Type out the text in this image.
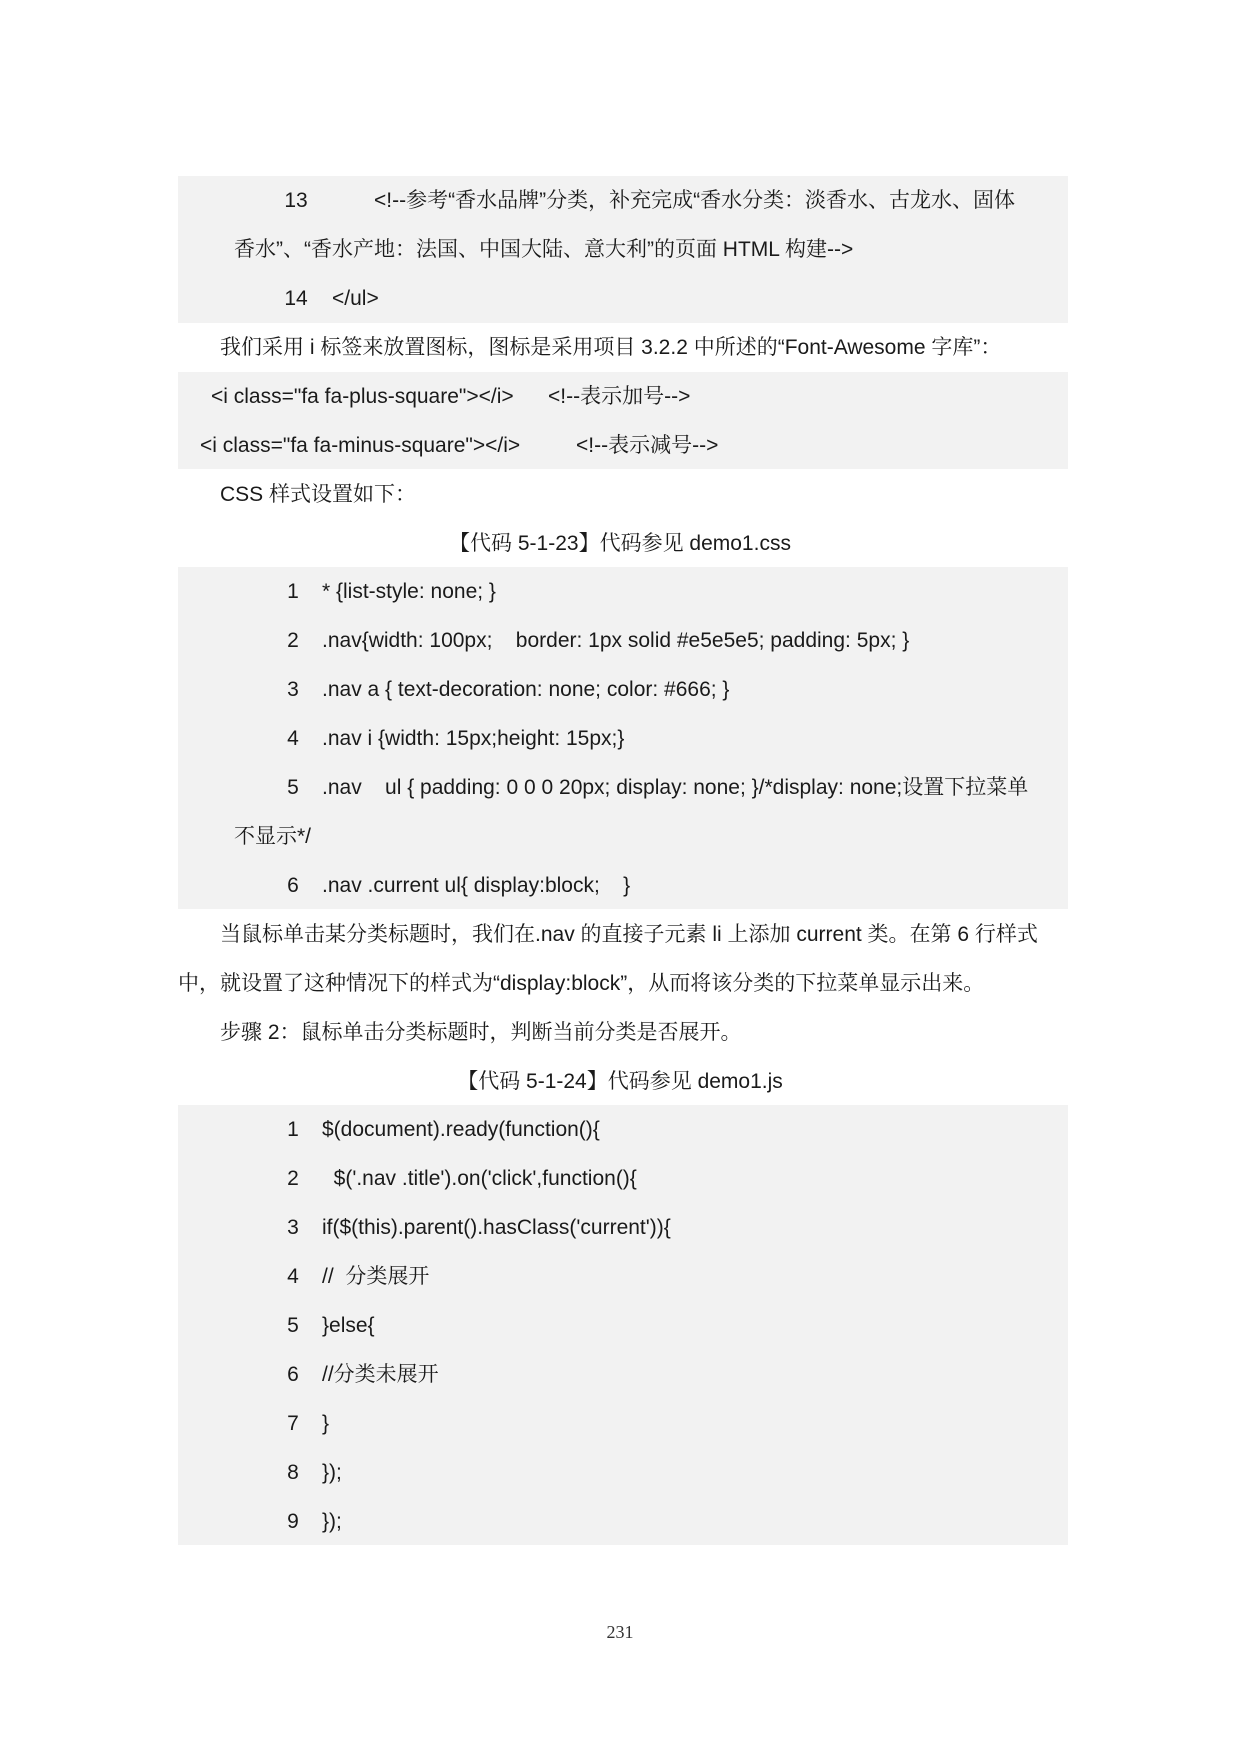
13	<!--参考“香水品牌”分类，补充完成“香水分类：淡香水、古龙水、固体
香水”、“香水产地：法国、中国大陆、意大利”的页面 HTML 构建-->
14	</ul>
我们采用 i 标签来放置图标，图标是采用项目 3.2.2 中所述的“Font-Awesome 字库”：
<i class="fa fa-plus-square"></i> <!--表示加号-->
<i class="fa fa-minus-square"></i>	<!--表示减号-->
CSS 样式设置如下：
【代码 5-1-23】代码参见 demo1.css
1	* {list-style: none; }
2	.nav{width: 100px;    border: 1px solid #e5e5e5; padding: 5px; }
3	.nav a { text-decoration: none; color: #666; }
4	.nav i {width: 15px;height: 15px;}
5	.nav    ul { padding: 0 0 0 20px; display: none; }/*display: none;设置下拉菜单
不显示*/
6	.nav .current ul{ display:block;    }
当鼠标单击某分类标题时，我们在.nav 的直接子元素 li 上添加 current 类。在第 6 行样式
中，就设置了这种情况下的样式为“display:block”，从而将该分类的下拉菜单显示出来。
步骤 2：鼠标单击分类标题时，判断当前分类是否展开。
【代码 5-1-24】代码参见 demo1.js
1	$(document).ready(function(){
2	$('.nav .title').on('click',function(){
3	if($(this).parent().hasClass('current')){
4	//  分类展开
5	}else{
6	//分类未展开
7	}
8	});
9	});
231
